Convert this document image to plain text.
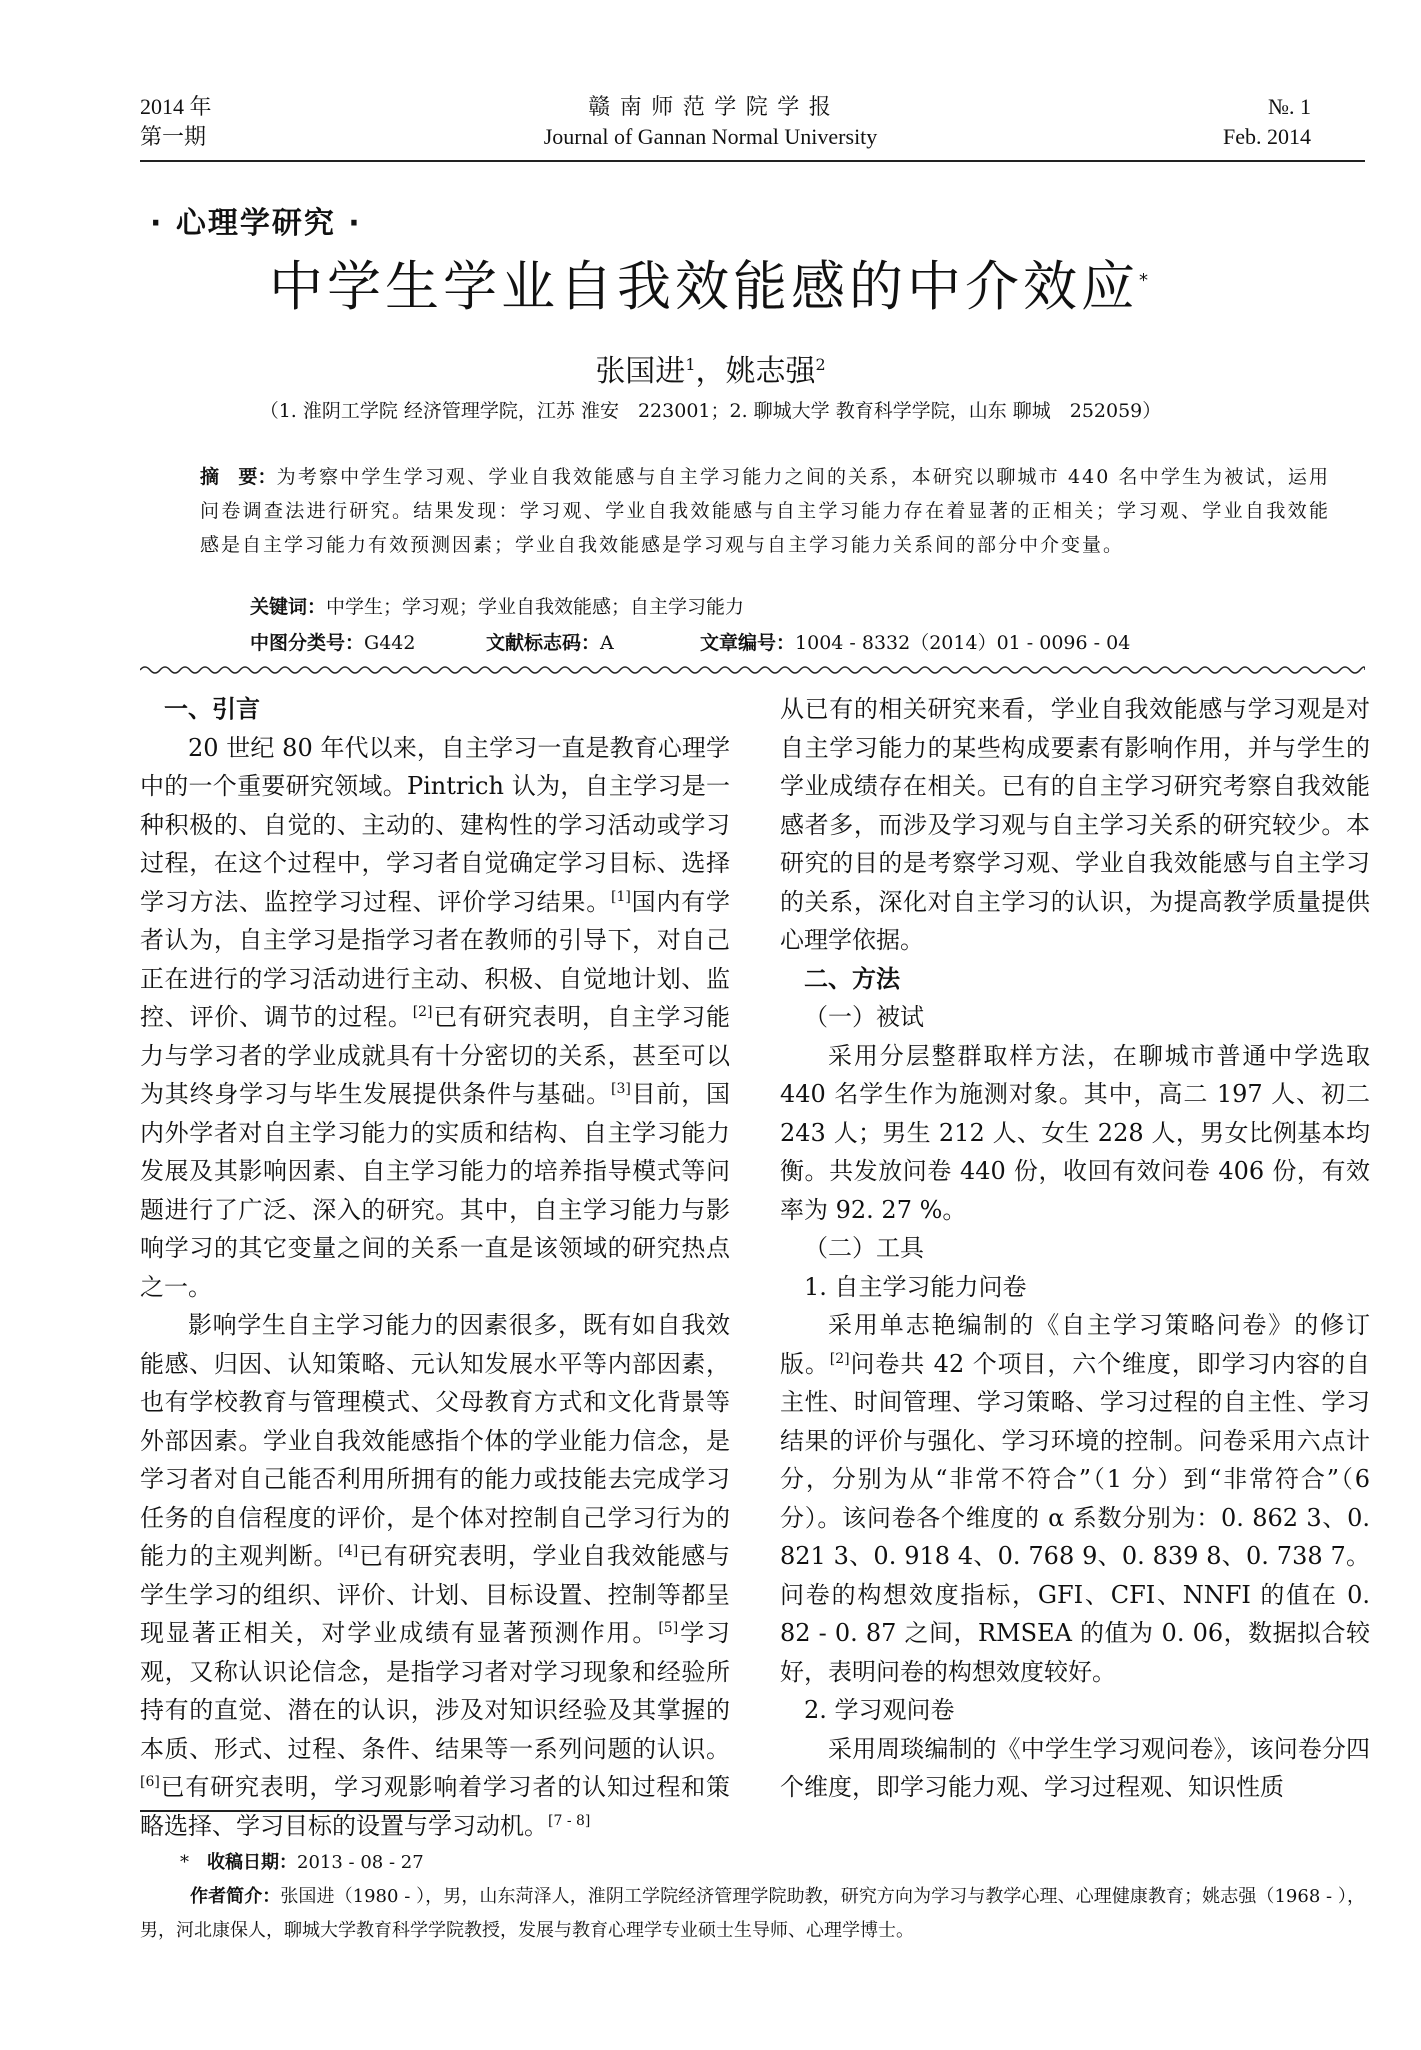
2014 年
第一期
赣 南 师 范 学 院 学 报
Journal of Gannan Normal University
№. 1
Feb. 2014
· 心理学研究 ·
中学生学业自我效能感的中介效应*
张国进$^1$，姚志强$^2$
（1. 淮阴工学院 经济管理学院，江苏 淮安　223001；2. 聊城大学 教育科学学院，山东 聊城　252059）
摘　要：为考察中学生学习观、学业自我效能感与自主学习能力之间的关系，本研究以聊城市 440 名中学生为被试，运用问卷调查法进行研究。结果发现：学习观、学业自我效能感与自主学习能力存在着显著的正相关；学习观、学业自我效能感是自主学习能力有效预测因素；学业自我效能感是学习观与自主学习能力关系间的部分中介变量。
关键词：中学生；学习观；学业自我效能感；自主学习能力
中图分类号：G442	文献标志码：A	文章编号：1004 - 8332（2014）01 - 0096 - 04

一、引言

20 世纪 80 年代以来，自主学习一直是教育心理学中的一个重要研究领域。Pintrich 认为，自主学习是一种积极的、自觉的、主动的、建构性的学习活动或学习过程，在这个过程中，学习者自觉确定学习目标、选择学习方法、监控学习过程、评价学习结果。[1]国内有学者认为，自主学习是指学习者在教师的引导下，对自己正在进行的学习活动进行主动、积极、自觉地计划、监控、评价、调节的过程。[2]已有研究表明，自主学习能力与学习者的学业成就具有十分密切的关系，甚至可以为其终身学习与毕生发展提供条件与基础。[3]目前，国内外学者对自主学习能力的实质和结构、自主学习能力发展及其影响因素、自主学习能力的培养指导模式等问题进行了广泛、深入的研究。其中，自主学习能力与影响学习的其它变量之间的关系一直是该领域的研究热点之一。

影响学生自主学习能力的因素很多，既有如自我效能感、归因、认知策略、元认知发展水平等内部因素，也有学校教育与管理模式、父母教育方式和文化背景等外部因素。学业自我效能感指个体的学业能力信念，是学习者对自己能否利用所拥有的能力或技能去完成学习任务的自信程度的评价，是个体对控制自己学习行为的能力的主观判断。[4]已有研究表明，学业自我效能感与学生学习的组织、评价、计划、目标设置、控制等都呈现显著正相关，对学业成绩有显著预测作用。[5]学习观，又称认识论信念，是指学习者对学习现象和经验所持有的直觉、潜在的认识，涉及对知识经验及其掌握的本质、形式、过程、条件、结果等一系列问题的认识。[6]已有研究表明，学习观影响着学习者的认知过程和策略选择、学习目标的设置与学习动机。[7 - 8]

从已有的相关研究来看，学业自我效能感与学习观是对自主学习能力的某些构成要素有影响作用，并与学生的学业成绩存在相关。已有的自主学习研究考察自我效能感者多，而涉及学习观与自主学习关系的研究较少。本研究的目的是考察学习观、学业自我效能感与自主学习的关系，深化对自主学习的认识，为提高教学质量提供心理学依据。

二、方法

（一）被试

采用分层整群取样方法，在聊城市普通中学选取 440 名学生作为施测对象。其中，高二 197 人、初二 243 人；男生 212 人、女生 228 人，男女比例基本均衡。共发放问卷 440 份，收回有效问卷 406 份，有效率为 92. 27 %。

（二）工具

1. 自主学习能力问卷

采用单志艳编制的《自主学习策略问卷》的修订版。[2]问卷共 42 个项目，六个维度，即学习内容的自主性、时间管理、学习策略、学习过程的自主性、学习结果的评价与强化、学习环境的控制。问卷采用六点计分，分别为从“非常不符合”（1 分）到“非常符合”（6 分）。该问卷各个维度的 α 系数分别为：0. 862 3、0. 821 3、0. 918 4、0. 768 9、0. 839 8、0. 738 7。问卷的构想效度指标，GFI、CFI、NNFI 的值在 0. 82 - 0. 87 之间，RMSEA 的值为 0. 06，数据拟合较好，表明问卷的构想效度较好。

2. 学习观问卷

采用周琰编制的《中学生学习观问卷》，该问卷分四个维度，即学习能力观、学习过程观、知识性质

*　 收稿日期：2013 - 08 - 27
作者简介：张国进（1980 - ），男，山东菏泽人，淮阴工学院经济管理学院助教，研究方向为学习与教学心理、心理健康教育；姚志强（1968 - ），男，河北康保人，聊城大学教育科学学院教授，发展与教育心理学专业硕士生导师、心理学博士。
